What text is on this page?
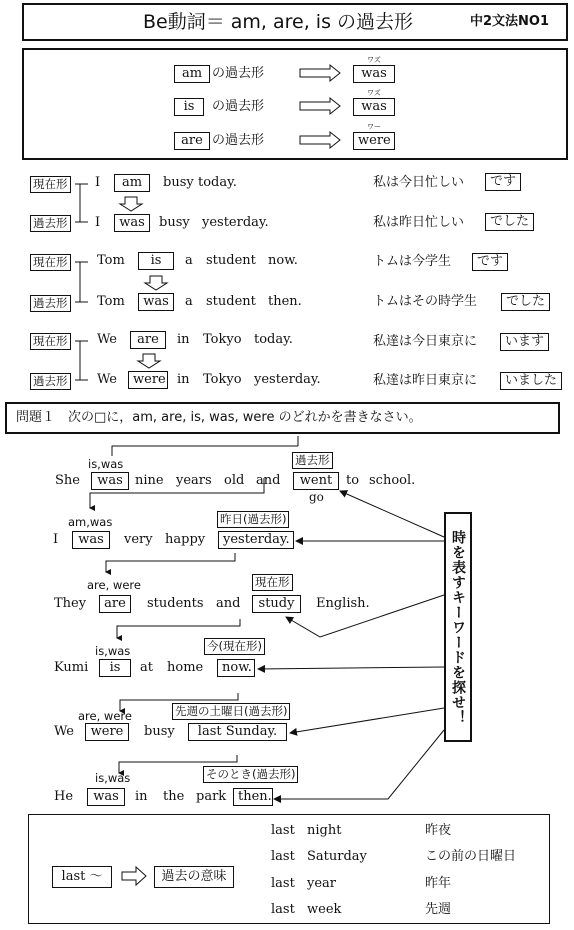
Be動詞＝ am, are, is の過去形	中2文法NO1
am の過去形
ワズ
was
is	の過去形
ワズ
was
are の過去形
ワー
were
現在形 I	am	busy today.	私は今日忙しい	です
過去形 I	was	busy yesterday.	私は昨日忙しい	でした
現在形 Tom	is	a student now.	トムは今学生	です
過去形 Tom	was	a student then.	トムはその時学生	でした
現在形 We	are	in Tokyo today.	私達は今日東京に	います
過去形 We	were in Tokyo yesterday.	私達は昨日東京に	いました
問題１　次の□に，am, are, is, was, were のどれかを書きなさい。
時を表すキーワードを探せ！
過去形
is,was
She	was nine years old and	went
go
to school.
昨日(過去形)
am,was
I	was	very happy	yesterday.
現在形
are, were
They	are	students and	study	English.
今(現在形)
is,was
Kumi	is	at home	now.
先週の土曜日(過去形)
are, were
We	were	busy	last Sunday.
そのとき(過去形)
is,was
He	was	in the park then.
last ～	過去の意味
last night	昨夜
last Saturday	この前の日曜日
last year	昨年
last week	先週
